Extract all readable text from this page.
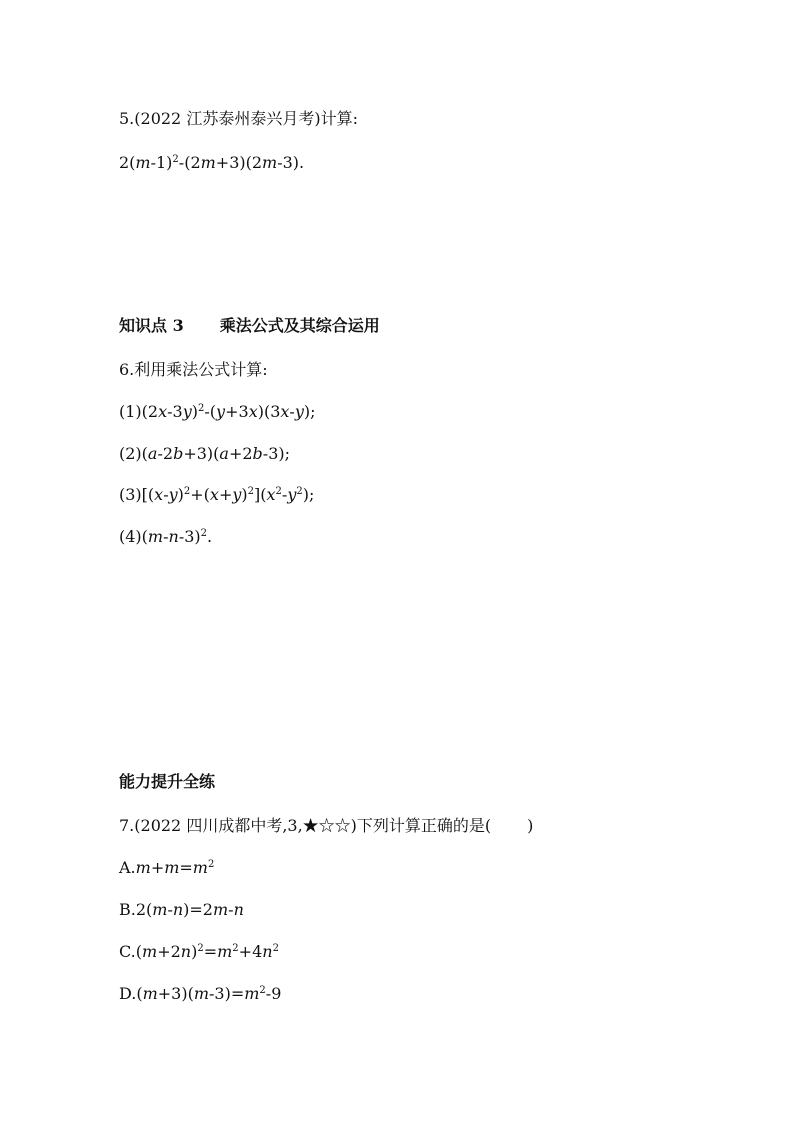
5.(2022 江苏泰州泰兴月考)计算:
$2(m-1)^2-(2m+3)(2m-3)$.
知识点 3 乘法公式及其综合运用
6.利用乘法公式计算:
$(1)(2x-3y)^2-(y+3x)(3x-y)$;
(2)(a-2b+3)(a+2b-3);
$(3)[(x-y)^2+(x+y)^2](x^2-y^2)$;
$(4)(m-n-3)^2$.
能力提升全练
7.(2022 四川成都中考,3,★☆☆)下列计算正确的是( )
$A.m+m=m^2$
B.2(m-n)=2m-n
$C.(m+2n)^2=m^2+4n^2$
$D.(m+3)(m-3)=m^2-9$
